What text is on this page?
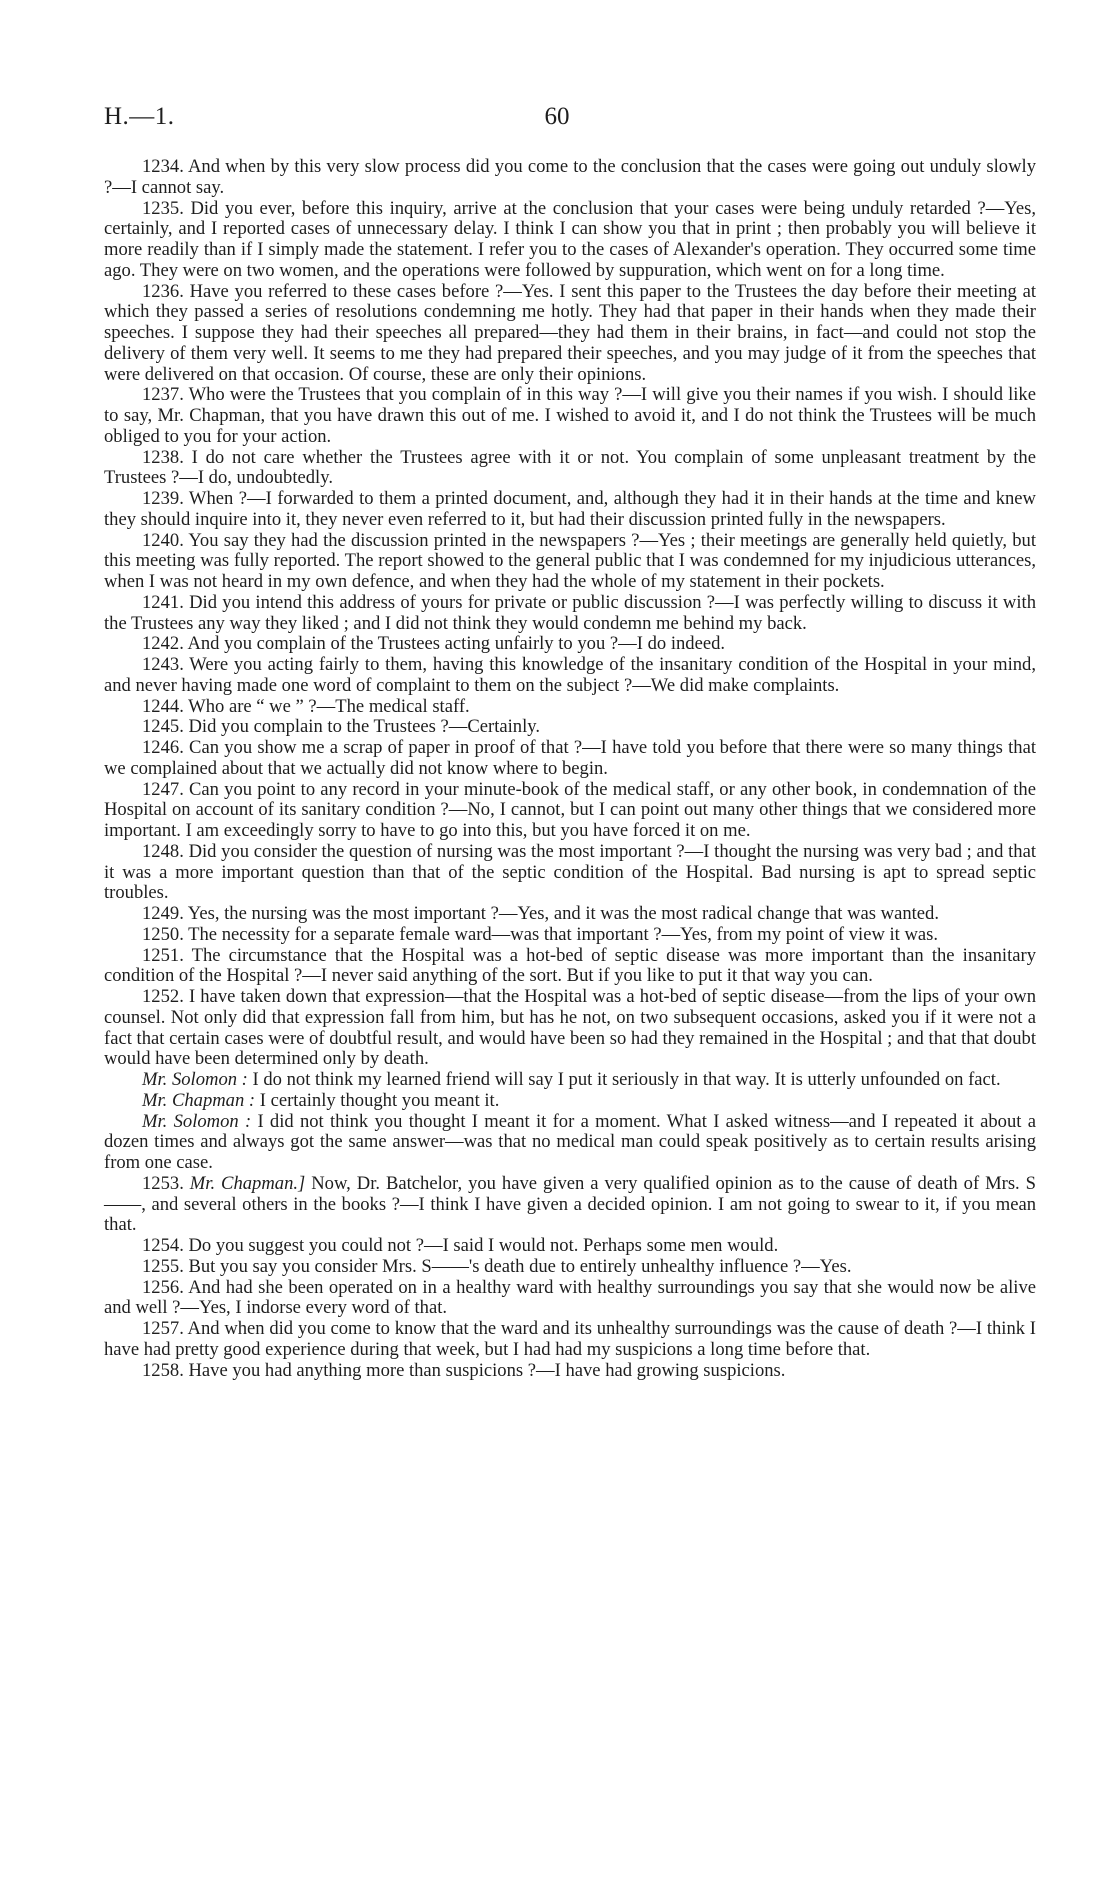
H.—1.	60

1234. And when by this very slow process did you come to the conclusion that the cases were going out unduly slowly ?—I cannot say.

1235. Did you ever, before this inquiry, arrive at the conclusion that your cases were being unduly retarded ?—Yes, certainly, and I reported cases of unnecessary delay. I think I can show you that in print ; then probably you will believe it more readily than if I simply made the statement. I refer you to the cases of Alexander's operation. They occurred some time ago. They were on two women, and the operations were followed by suppuration, which went on for a long time.

1236. Have you referred to these cases before ?—Yes. I sent this paper to the Trustees the day before their meeting at which they passed a series of resolutions condemning me hotly. They had that paper in their hands when they made their speeches. I suppose they had their speeches all prepared—they had them in their brains, in fact—and could not stop the delivery of them very well. It seems to me they had prepared their speeches, and you may judge of it from the speeches that were delivered on that occasion. Of course, these are only their opinions.

1237. Who were the Trustees that you complain of in this way ?—I will give you their names if you wish. I should like to say, Mr. Chapman, that you have drawn this out of me. I wished to avoid it, and I do not think the Trustees will be much obliged to you for your action.

1238. I do not care whether the Trustees agree with it or not. You complain of some unpleasant treatment by the Trustees ?—I do, undoubtedly.

1239. When ?—I forwarded to them a printed document, and, although they had it in their hands at the time and knew they should inquire into it, they never even referred to it, but had their discussion printed fully in the newspapers.

1240. You say they had the discussion printed in the newspapers ?—Yes ; their meetings are generally held quietly, but this meeting was fully reported. The report showed to the general public that I was condemned for my injudicious utterances, when I was not heard in my own defence, and when they had the whole of my statement in their pockets.

1241. Did you intend this address of yours for private or public discussion ?—I was perfectly willing to discuss it with the Trustees any way they liked ; and I did not think they would condemn me behind my back.

1242. And you complain of the Trustees acting unfairly to you ?—I do indeed.

1243. Were you acting fairly to them, having this knowledge of the insanitary condition of the Hospital in your mind, and never having made one word of complaint to them on the subject ?—We did make complaints.

1244. Who are “ we ” ?—The medical staff.

1245. Did you complain to the Trustees ?—Certainly.

1246. Can you show me a scrap of paper in proof of that ?—I have told you before that there were so many things that we complained about that we actually did not know where to begin.

1247. Can you point to any record in your minute-book of the medical staff, or any other book, in condemnation of the Hospital on account of its sanitary condition ?—No, I cannot, but I can point out many other things that we considered more important. I am exceedingly sorry to have to go into this, but you have forced it on me.

1248. Did you consider the question of nursing was the most important ?—I thought the nursing was very bad ; and that it was a more important question than that of the septic condition of the Hospital. Bad nursing is apt to spread septic troubles.

1249. Yes, the nursing was the most important ?—Yes, and it was the most radical change that was wanted.

1250. The necessity for a separate female ward—was that important ?—Yes, from my point of view it was.

1251. The circumstance that the Hospital was a hot-bed of septic disease was more important than the insanitary condition of the Hospital ?—I never said anything of the sort. But if you like to put it that way you can.

1252. I have taken down that expression—that the Hospital was a hot-bed of septic disease—from the lips of your own counsel. Not only did that expression fall from him, but has he not, on two subsequent occasions, asked you if it were not a fact that certain cases were of doubtful result, and would have been so had they remained in the Hospital ; and that that doubt would have been determined only by death.

Mr. Solomon : I do not think my learned friend will say I put it seriously in that way. It is utterly unfounded on fact.

Mr. Chapman : I certainly thought you meant it.

Mr. Solomon : I did not think you thought I meant it for a moment. What I asked witness—and I repeated it about a dozen times and always got the same answer—was that no medical man could speak positively as to certain results arising from one case.

1253. Mr. Chapman.] Now, Dr. Batchelor, you have given a very qualified opinion as to the cause of death of Mrs. S——, and several others in the books ?—I think I have given a decided opinion. I am not going to swear to it, if you mean that.

1254. Do you suggest you could not ?—I said I would not. Perhaps some men would.

1255. But you say you consider Mrs. S——'s death due to entirely unhealthy influence ?—Yes.

1256. And had she been operated on in a healthy ward with healthy surroundings you say that she would now be alive and well ?—Yes, I indorse every word of that.

1257. And when did you come to know that the ward and its unhealthy surroundings was the cause of death ?—I think I have had pretty good experience during that week, but I had had my suspicions a long time before that.

1258. Have you had anything more than suspicions ?—I have had growing suspicions.
